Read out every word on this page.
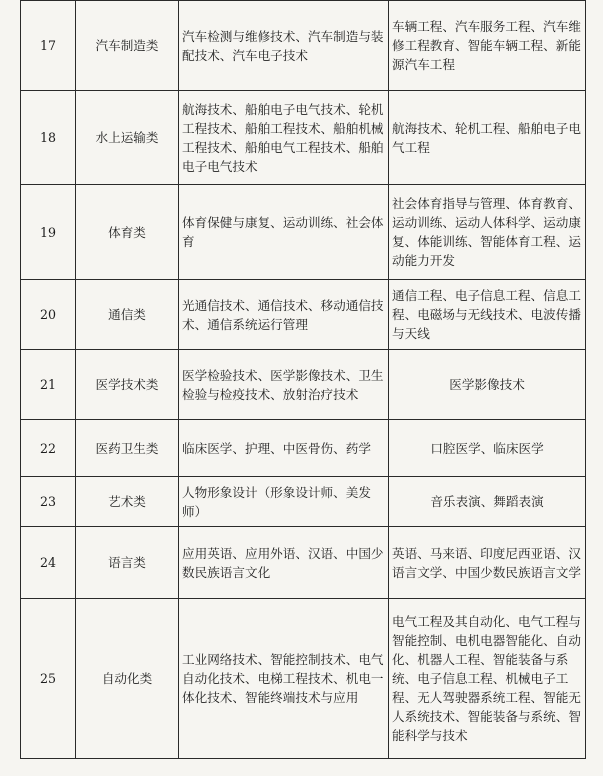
17	汽车制造类	汽车检测与维修技术、汽车制造与装配技术、汽车电子技术	车辆工程、汽车服务工程、汽车维修工程教育、智能车辆工程、新能源汽车工程
18	水上运输类	航海技术、船舶电子电气技术、轮机工程技术、船舶工程技术、船舶机械工程技术、船舶电气工程技术、船舶电子电气技术	航海技术、轮机工程、船舶电子电气工程
19	体育类	体育保健与康复、运动训练、社会体育	社会体育指导与管理、体育教育、运动训练、运动人体科学、运动康复、体能训练、智能体育工程、运动能力开发
20	通信类	光通信技术、通信技术、移动通信技术、通信系统运行管理	通信工程、电子信息工程、信息工程、电磁场与无线技术、电波传播与天线
21	医学技术类	医学检验技术、医学影像技术、卫生检验与检疫技术、放射治疗技术	医学影像技术
22	医药卫生类	临床医学、护理、中医骨伤、药学	口腔医学、临床医学
23	艺术类	人物形象设计（形象设计师、美发师）	音乐表演、舞蹈表演
24	语言类	应用英语、应用外语、汉语、中国少数民族语言文化	英语、马来语、印度尼西亚语、汉语言文学、中国少数民族语言文学
25	自动化类	工业网络技术、智能控制技术、电气自动化技术、电梯工程技术、机电一体化技术、智能终端技术与应用	电气工程及其自动化、电气工程与智能控制、电机电器智能化、自动化、机器人工程、智能装备与系统、电子信息工程、机械电子工程、无人驾驶器系统工程、智能无人系统技术、智能装备与系统、智能科学与技术
